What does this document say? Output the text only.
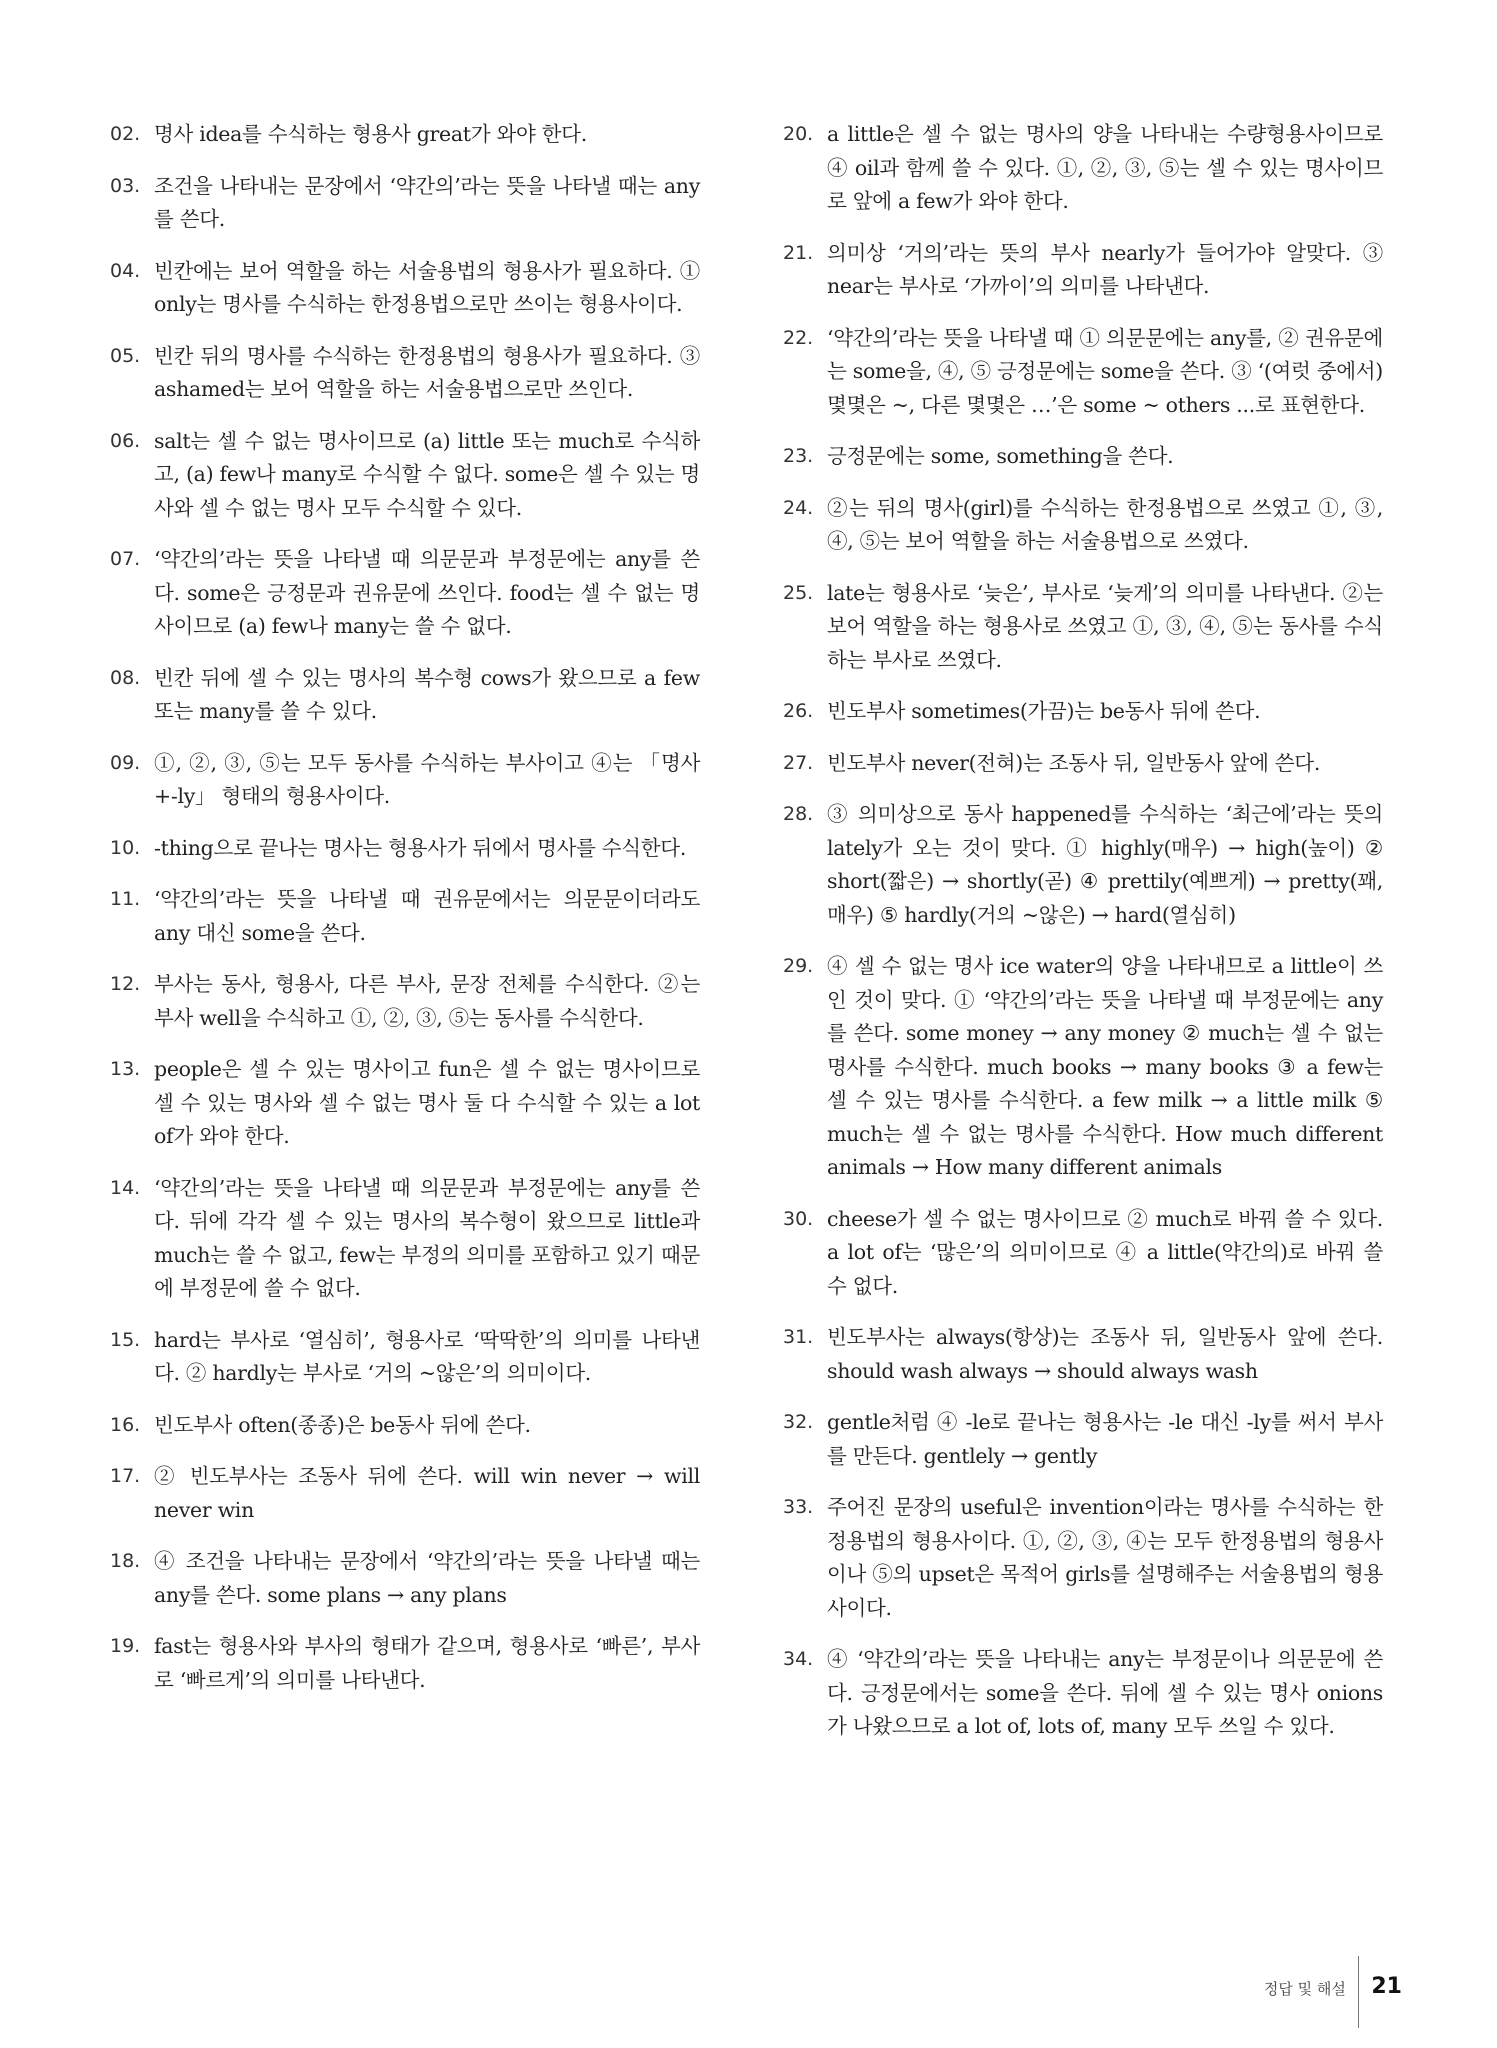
02. 명사 idea를 수식하는 형용사 great가 와야 한다.
03. 조건을 나타내는 문장에서 ‘약간의’라는 뜻을 나타낼 때는 any를 쓴다.
04. 빈칸에는 보어 역할을 하는 서술용법의 형용사가 필요하다. ① only는 명사를 수식하는 한정용법으로만 쓰이는 형용사이다.
05. 빈칸 뒤의 명사를 수식하는 한정용법의 형용사가 필요하다. ③ ashamed는 보어 역할을 하는 서술용법으로만 쓰인다.
06. salt는 셀 수 없는 명사이므로 (a) little 또는 much로 수식하고, (a) few나 many로 수식할 수 없다. some은 셀 수 있는 명사와 셀 수 없는 명사 모두 수식할 수 있다.
07. ‘약간의’라는 뜻을 나타낼 때 의문문과 부정문에는 any를 쓴다. some은 긍정문과 권유문에 쓰인다. food는 셀 수 없는 명사이므로 (a) few나 many는 쓸 수 없다.
08. 빈칸 뒤에 셀 수 있는 명사의 복수형 cows가 왔으므로 a few 또는 many를 쓸 수 있다.
09. ①, ②, ③, ⑤는 모두 동사를 수식하는 부사이고 ④는 「명사+-ly」 형태의 형용사이다.
10. -thing으로 끝나는 명사는 형용사가 뒤에서 명사를 수식한다.
11. ‘약간의’라는 뜻을 나타낼 때 권유문에서는 의문문이더라도 any 대신 some을 쓴다.
12. 부사는 동사, 형용사, 다른 부사, 문장 전체를 수식한다. ②는 부사 well을 수식하고 ①, ②, ③, ⑤는 동사를 수식한다.
13. people은 셀 수 있는 명사이고 fun은 셀 수 없는 명사이므로 셀 수 있는 명사와 셀 수 없는 명사 둘 다 수식할 수 있는 a lot of가 와야 한다.
14. ‘약간의’라는 뜻을 나타낼 때 의문문과 부정문에는 any를 쓴다. 뒤에 각각 셀 수 있는 명사의 복수형이 왔으므로 little과 much는 쓸 수 없고, few는 부정의 의미를 포함하고 있기 때문에 부정문에 쓸 수 없다.
15. hard는 부사로 ‘열심히’, 형용사로 ‘딱딱한’의 의미를 나타낸다. ② hardly는 부사로 ‘거의 ~않은’의 의미이다.
16. 빈도부사 often(종종)은 be동사 뒤에 쓴다.
17. ② 빈도부사는 조동사 뒤에 쓴다. will win never → will never win
18. ④ 조건을 나타내는 문장에서 ‘약간의’라는 뜻을 나타낼 때는 any를 쓴다. some plans → any plans
19. fast는 형용사와 부사의 형태가 같으며, 형용사로 ‘빠른’, 부사로 ‘빠르게’의 의미를 나타낸다.
20. a little은 셀 수 없는 명사의 양을 나타내는 수량형용사이므로 ④ oil과 함께 쓸 수 있다. ①, ②, ③, ⑤는 셀 수 있는 명사이므로 앞에 a few가 와야 한다.
21. 의미상 ‘거의’라는 뜻의 부사 nearly가 들어가야 알맞다. ③ near는 부사로 ‘가까이’의 의미를 나타낸다.
22. ‘약간의’라는 뜻을 나타낼 때 ① 의문문에는 any를, ② 권유문에는 some을, ④, ⑤ 긍정문에는 some을 쓴다. ③ ‘(여럿 중에서) 몇몇은 ~, 다른 몇몇은 …’은 some ~ others ...로 표현한다.
23. 긍정문에는 some, something을 쓴다.
24. ②는 뒤의 명사(girl)를 수식하는 한정용법으로 쓰였고 ①, ③, ④, ⑤는 보어 역할을 하는 서술용법으로 쓰였다.
25. late는 형용사로 ‘늦은’, 부사로 ‘늦게’의 의미를 나타낸다. ②는 보어 역할을 하는 형용사로 쓰였고 ①, ③, ④, ⑤는 동사를 수식하는 부사로 쓰였다.
26. 빈도부사 sometimes(가끔)는 be동사 뒤에 쓴다.
27. 빈도부사 never(전혀)는 조동사 뒤, 일반동사 앞에 쓴다.
28. ③ 의미상으로 동사 happened를 수식하는 ‘최근에’라는 뜻의 lately가 오는 것이 맞다. ① highly(매우) → high(높이) ② short(짧은) → shortly(곧) ④ prettily(예쁘게) → pretty(꽤, 매우) ⑤ hardly(거의 ~않은) → hard(열심히)
29. ④ 셀 수 없는 명사 ice water의 양을 나타내므로 a little이 쓰인 것이 맞다. ① ‘약간의’라는 뜻을 나타낼 때 부정문에는 any를 쓴다. some money → any money ② much는 셀 수 없는 명사를 수식한다. much books → many books ③ a few는 셀 수 있는 명사를 수식한다. a few milk → a little milk ⑤ much는 셀 수 없는 명사를 수식한다. How much different animals → How many different animals
30. cheese가 셀 수 없는 명사이므로 ② much로 바꿔 쓸 수 있다. a lot of는 ‘많은’의 의미이므로 ④ a little(약간의)로 바꿔 쓸 수 없다.
31. 빈도부사는 always(항상)는 조동사 뒤, 일반동사 앞에 쓴다. should wash always → should always wash
32. gentle처럼 ④ -le로 끝나는 형용사는 -le 대신 -ly를 써서 부사를 만든다. gentlely → gently
33. 주어진 문장의 useful은 invention이라는 명사를 수식하는 한정용법의 형용사이다. ①, ②, ③, ④는 모두 한정용법의 형용사이나 ⑤의 upset은 목적어 girls를 설명해주는 서술용법의 형용사이다.
34. ④ ‘약간의’라는 뜻을 나타내는 any는 부정문이나 의문문에 쓴다. 긍정문에서는 some을 쓴다. 뒤에 셀 수 있는 명사 onions가 나왔으므로 a lot of, lots of, many 모두 쓰일 수 있다.
정답 및 해설 21
